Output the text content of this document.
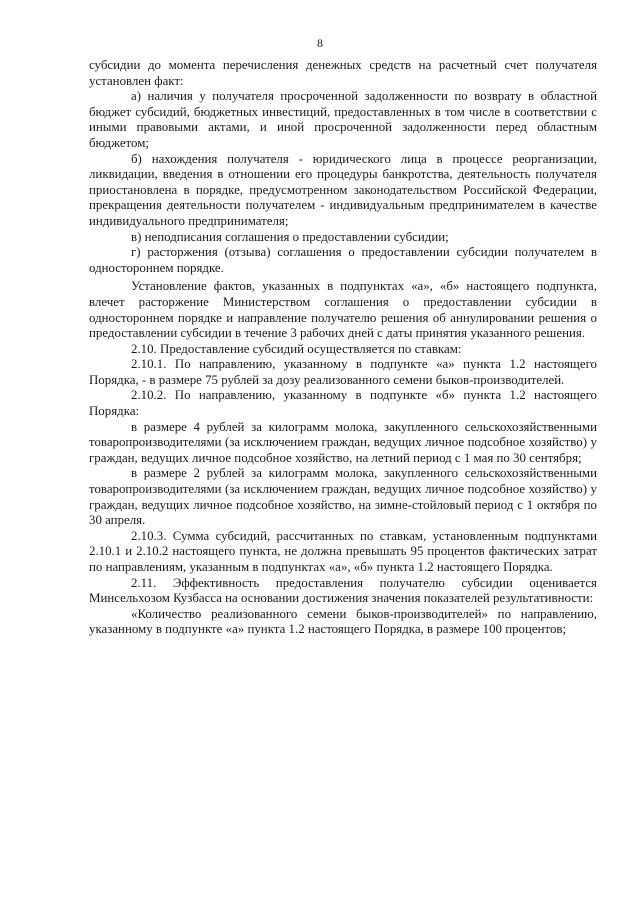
8

субсидии до момента перечисления денежных средств на расчетный счет получателя установлен факт:

а) наличия у получателя просроченной задолженности по возврату в областной бюджет субсидий, бюджетных инвестиций, предоставленных в том числе в соответствии с иными правовыми актами, и иной просроченной задолженности перед областным бюджетом;

б) нахождения получателя - юридического лица в процессе реорганизации, ликвидации, введения в отношении его процедуры банкротства, деятельность получателя приостановлена в порядке, предусмотренном законодательством Российской Федерации, прекращения деятельности получателем - индивидуальным предпринимателем в качестве индивидуального предпринимателя;

в) неподписания соглашения о предоставлении субсидии;

г) расторжения (отзыва) соглашения о предоставлении субсидии получателем в одностороннем порядке.

Установление фактов, указанных в подпунктах «а», «б» настоящего подпункта, влечет расторжение Министерством соглашения о предоставлении субсидии в одностороннем порядке и направление получателю решения об аннулировании решения о предоставлении субсидии в течение 3 рабочих дней с даты принятия указанного решения.

2.10. Предоставление субсидий осуществляется по ставкам:

2.10.1. По направлению, указанному в подпункте «а» пункта 1.2 настоящего Порядка, - в размере 75 рублей за дозу реализованного семени быков-производителей.

2.10.2. По направлению, указанному в подпункте «б» пункта 1.2 настоящего Порядка:

в размере 4 рублей за килограмм молока, закупленного сельскохозяйственными товаропроизводителями (за исключением граждан, ведущих личное подсобное хозяйство) у граждан, ведущих личное подсобное хозяйство, на летний период с 1 мая по 30 сентября;

в размере 2 рублей за килограмм молока, закупленного сельскохозяйственными товаропроизводителями (за исключением граждан, ведущих личное подсобное хозяйство) у граждан, ведущих личное подсобное хозяйство, на зимне-стойловый период с 1 октября по 30 апреля.

2.10.3. Сумма субсидий, рассчитанных по ставкам, установленным подпунктами 2.10.1 и 2.10.2 настоящего пункта, не должна превышать 95 процентов фактических затрат по направлениям, указанным в подпунктах «а», «б» пункта 1.2 настоящего Порядка.

2.11. Эффективность предоставления получателю субсидии оценивается Минсельхозом Кузбасса на основании достижения значения показателей результативности:

«Количество реализованного семени быков-производителей» по направлению, указанному в подпункте «а» пункта 1.2 настоящего Порядка, в размере 100 процентов;
